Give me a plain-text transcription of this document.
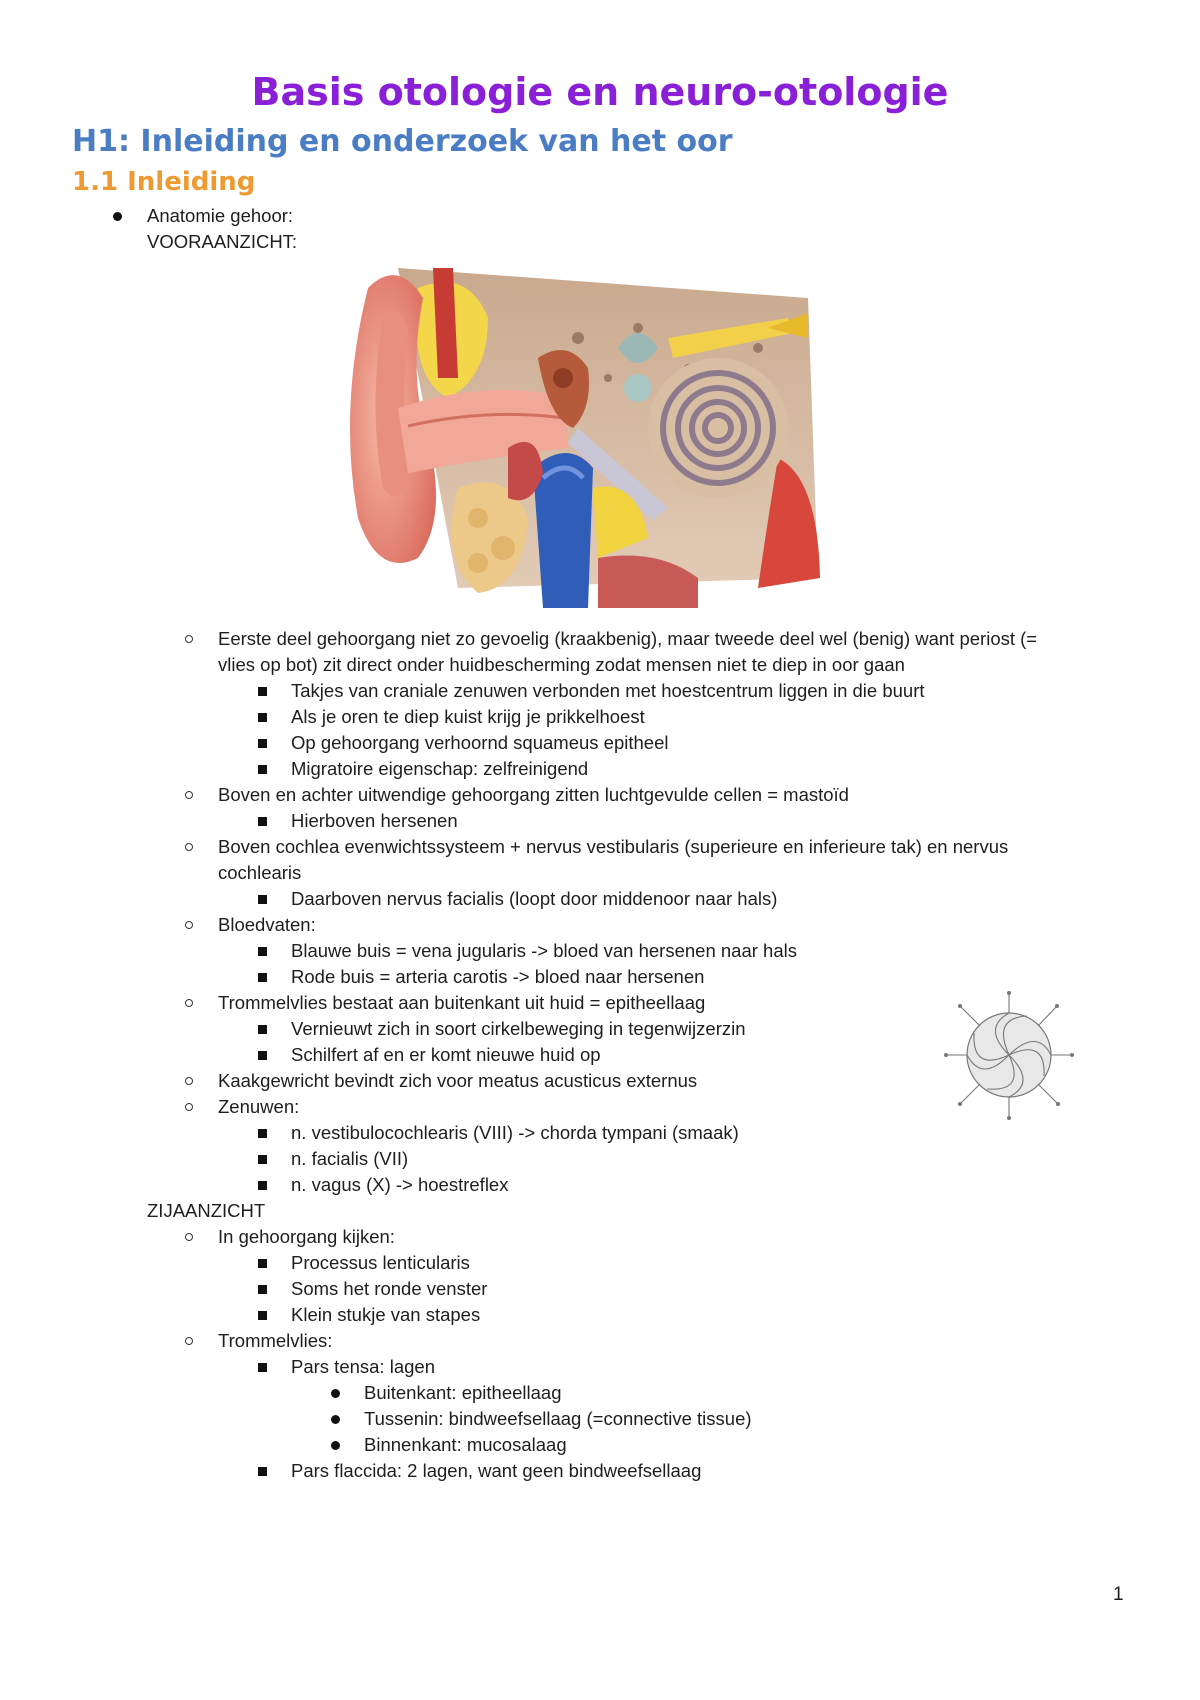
Basis otologie en neuro-otologie
H1: Inleiding en onderzoek van het oor
1.1 Inleiding
Anatomie gehoor:
VOORAANZICHT:
Eerste deel gehoorgang niet zo gevoelig (kraakbenig), maar tweede deel wel (benig) want periost (=
vlies op bot) zit direct onder huidbescherming zodat mensen niet te diep in oor gaan
Takjes van craniale zenuwen verbonden met hoestcentrum liggen in die buurt
Als je oren te diep kuist krijg je prikkelhoest
Op gehoorgang verhoornd squameus epitheel
Migratoire eigenschap: zelfreinigend
Boven en achter uitwendige gehoorgang zitten luchtgevulde cellen = mastoïd
Hierboven hersenen
Boven cochlea evenwichtssysteem + nervus vestibularis (superieure en inferieure tak) en nervus
cochlearis
Daarboven nervus facialis (loopt door middenoor naar hals)
Bloedvaten:
Blauwe buis = vena jugularis -> bloed van hersenen naar hals
Rode buis = arteria carotis -> bloed naar hersenen
Trommelvlies bestaat aan buitenkant uit huid = epitheellaag
Vernieuwt zich in soort cirkelbeweging in tegenwijzerzin
Schilfert af en er komt nieuwe huid op
Kaakgewricht bevindt zich voor meatus acusticus externus
Zenuwen:
n. vestibulocochlearis (VIII) -> chorda tympani (smaak)
n. facialis (VII)
n. vagus (X) -> hoestreflex
ZIJAANZICHT
In gehoorgang kijken:
Processus lenticularis
Soms het ronde venster
Klein stukje van stapes
Trommelvlies:
Pars tensa: lagen
Buitenkant: epitheellaag
Tussenin: bindweefsellaag (=connective tissue)
Binnenkant: mucosalaag
Pars flaccida: 2 lagen, want geen bindweefsellaag
1
